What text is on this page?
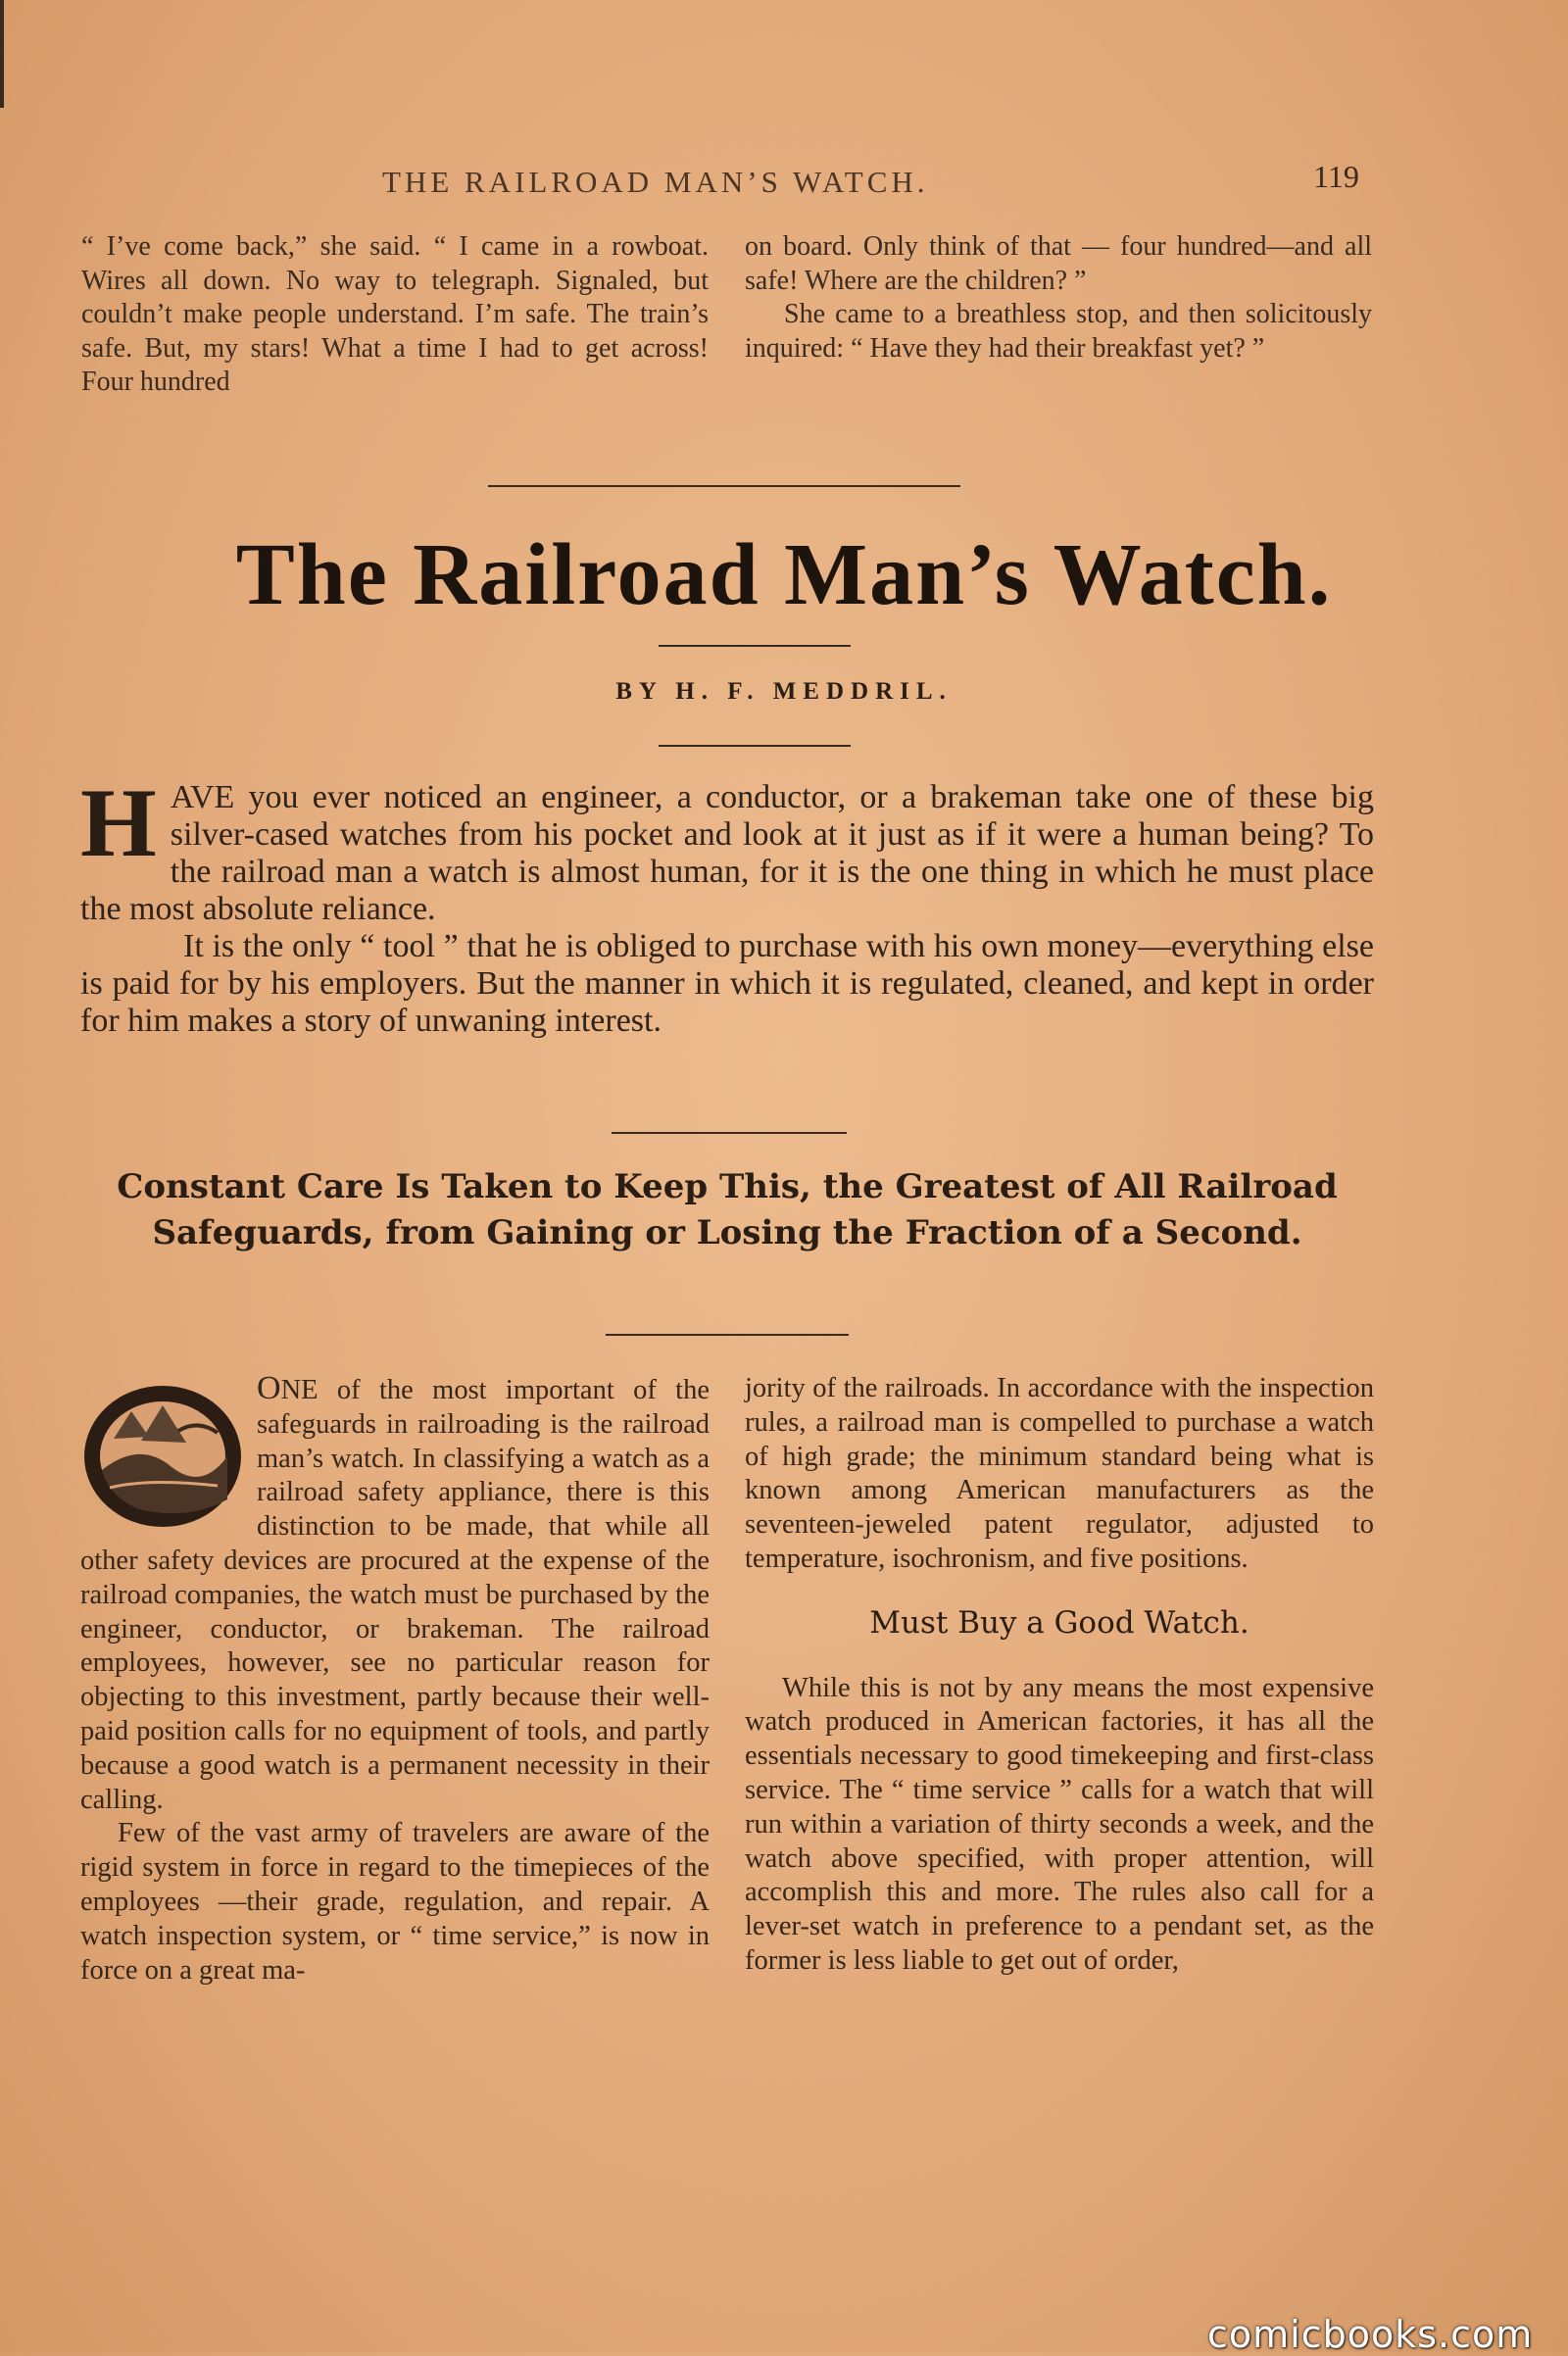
THE RAILROAD MAN’S WATCH.	119

“ I’ve come back,” she said. “ I came in a rowboat. Wires all down. No way to telegraph. Signaled, but couldn’t make people understand. I’m safe. The train’s safe. But, my stars! What a time I had to get across! Four hundred

on board. Only think of that — four hundred—and all safe! Where are the children? ”

She came to a breathless stop, and then solicitously inquired: “ Have they had their breakfast yet? ”

The Railroad Man’s Watch.
BY H. F. MEDDRIL.

HAVE you ever noticed an engineer, a conductor, or a brakeman take one of these big silver-cased watches from his pocket and look at it just as if it were a human being? To the railroad man a watch is almost human, for it is the one thing in which he must place the most absolute reliance.

It is the only “ tool ” that he is obliged to purchase with his own money—everything else is paid for by his employers. But the manner in which it is regulated, cleaned, and kept in order for him makes a story of unwaning interest.

Constant Care Is Taken to Keep This, the Greatest of All Railroad Safeguards, from Gaining or Losing the Fraction of a Second.

ONE of the most important of the safeguards in railroading is the railroad man’s watch. In classifying a watch as a railroad safety appliance, there is this distinction to be made, that while all other safety devices are procured at the expense of the railroad companies, the watch must be purchased by the engineer, conductor, or brakeman. The railroad employees, however, see no particular reason for objecting to this investment, partly because their well-paid position calls for no equipment of tools, and partly because a good watch is a permanent necessity in their calling.

Few of the vast army of travelers are aware of the rigid system in force in regard to the timepieces of the employees —their grade, regulation, and repair. A watch inspection system, or “ time service,” is now in force on a great ma-

jority of the railroads. In accordance with the inspection rules, a railroad man is compelled to purchase a watch of high grade; the minimum standard being what is known among American manufacturers as the seventeen-jeweled patent regulator, adjusted to temperature, isochronism, and five positions.

Must Buy a Good Watch.

While this is not by any means the most expensive watch produced in American factories, it has all the essentials necessary to good timekeeping and first-class service. The “ time service ” calls for a watch that will run within a variation of thirty seconds a week, and the watch above specified, with proper attention, will accomplish this and more. The rules also call for a lever-set watch in preference to a pendant set, as the former is less liable to get out of order,

comicbooks.com
